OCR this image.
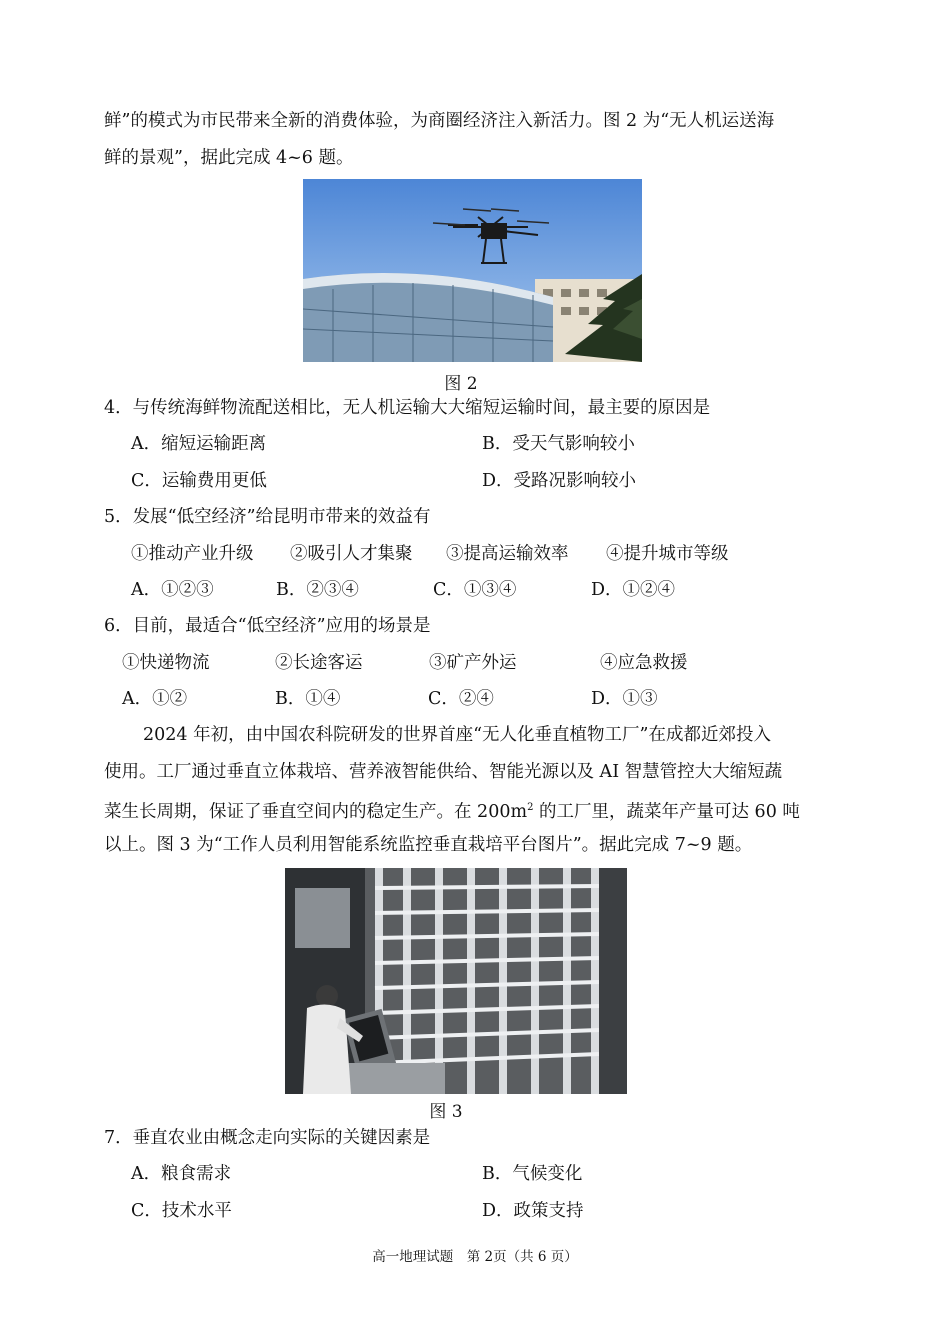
鲜”的模式为市民带来全新的消费体验，为商圈经济注入新活力。图 2 为“无人机运送海
鲜的景观”，据此完成 4~6 题。
图 2
4．与传统海鲜物流配送相比，无人机运输大大缩短运输时间，最主要的原因是
A．缩短运输距离	B．受天气影响较小
C．运输费用更低	D．受路况影响较小
5．发展“低空经济”给昆明市带来的效益有
①推动产业升级 ②吸引人才集聚 ③提高运输效率 ④提升城市等级
A．①②③	B．②③④	C．①③④	D．①②④
6．目前，最适合“低空经济”应用的场景是
①快递物流	②长途客运	③矿产外运	④应急救援
A．①②	B．①④	C．②④	D．①③
2024 年初，由中国农科院研发的世界首座“无人化垂直植物工厂”在成都近郊投入
使用。工厂通过垂直立体栽培、营养液智能供给、智能光源以及 AI 智慧管控大大缩短蔬
菜生长周期，保证了垂直空间内的稳定生产。在 $200m^2$ 的工厂里，蔬菜年产量可达 60 吨
以上。图 3 为“工作人员利用智能系统监控垂直栽培平台图片”。据此完成 7~9 题。
图 3
7．垂直农业由概念走向实际的关键因素是
A．粮食需求	B．气候变化
C．技术水平	D．政策支持
高一地理试题　第 2页（共 6 页）
